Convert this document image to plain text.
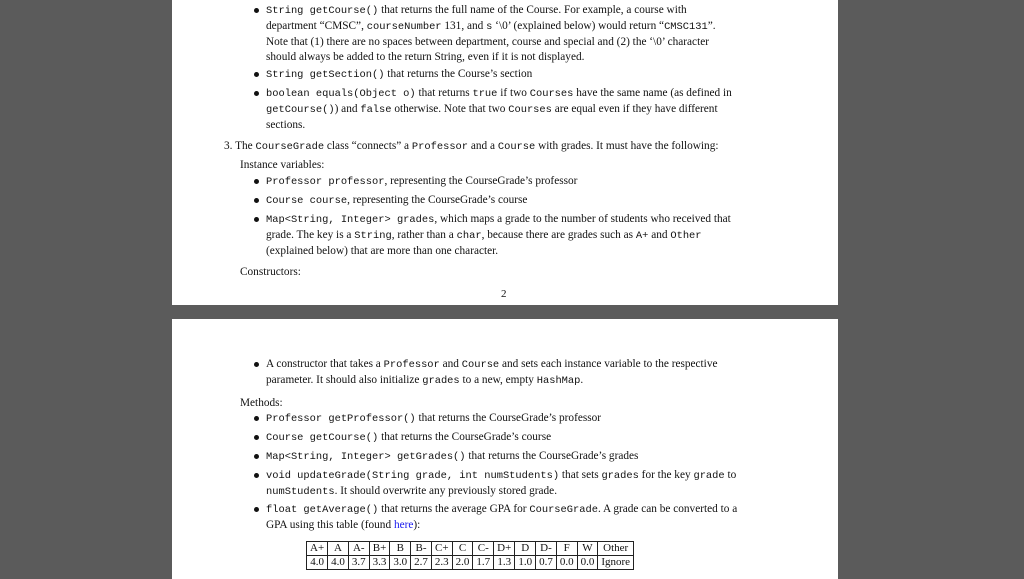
String getCourse() that returns the full name of the Course. For example, a course with
department “CMSC”, courseNumber 131, and s ‘\0’ (explained below) would return “CMSC131”.
Note that (1) there are no spaces between department, course and special and (2) the ‘\0’ character
should always be added to the return String, even if it is not displayed.
String getSection() that returns the Course’s section
boolean equals(Object o) that returns true if two Courses have the same name (as defined in
getCourse()) and false otherwise. Note that two Courses are equal even if they have different
sections.
3. The CourseGrade class “connects” a Professor and a Course with grades. It must have the following:
Instance variables:
Professor professor, representing the CourseGrade’s professor
Course course, representing the CourseGrade’s course
Map<String, Integer> grades, which maps a grade to the number of students who received that
grade. The key is a String, rather than a char, because there are grades such as A+ and Other
(explained below) that are more than one character.
Constructors:
2
A constructor that takes a Professor and Course and sets each instance variable to the respective
parameter. It should also initialize grades to a new, empty HashMap.
Methods:
Professor getProfessor() that returns the CourseGrade’s professor
Course getCourse() that returns the CourseGrade’s course
Map<String, Integer> getGrades() that returns the CourseGrade’s grades
void updateGrade(String grade, int numStudents) that sets grades for the key grade to
numStudents. It should overwrite any previously stored grade.
float getAverage() that returns the average GPA for CourseGrade. A grade can be converted to a
GPA using this table (found here):
A+	A	A-	B+	B	B-	C+	C	C-	D+	D	D-	F	W	Other
4.0	4.0	3.7	3.3	3.0	2.7	2.3	2.0	1.7	1.3	1.0	0.7	0.0	0.0	Ignore
